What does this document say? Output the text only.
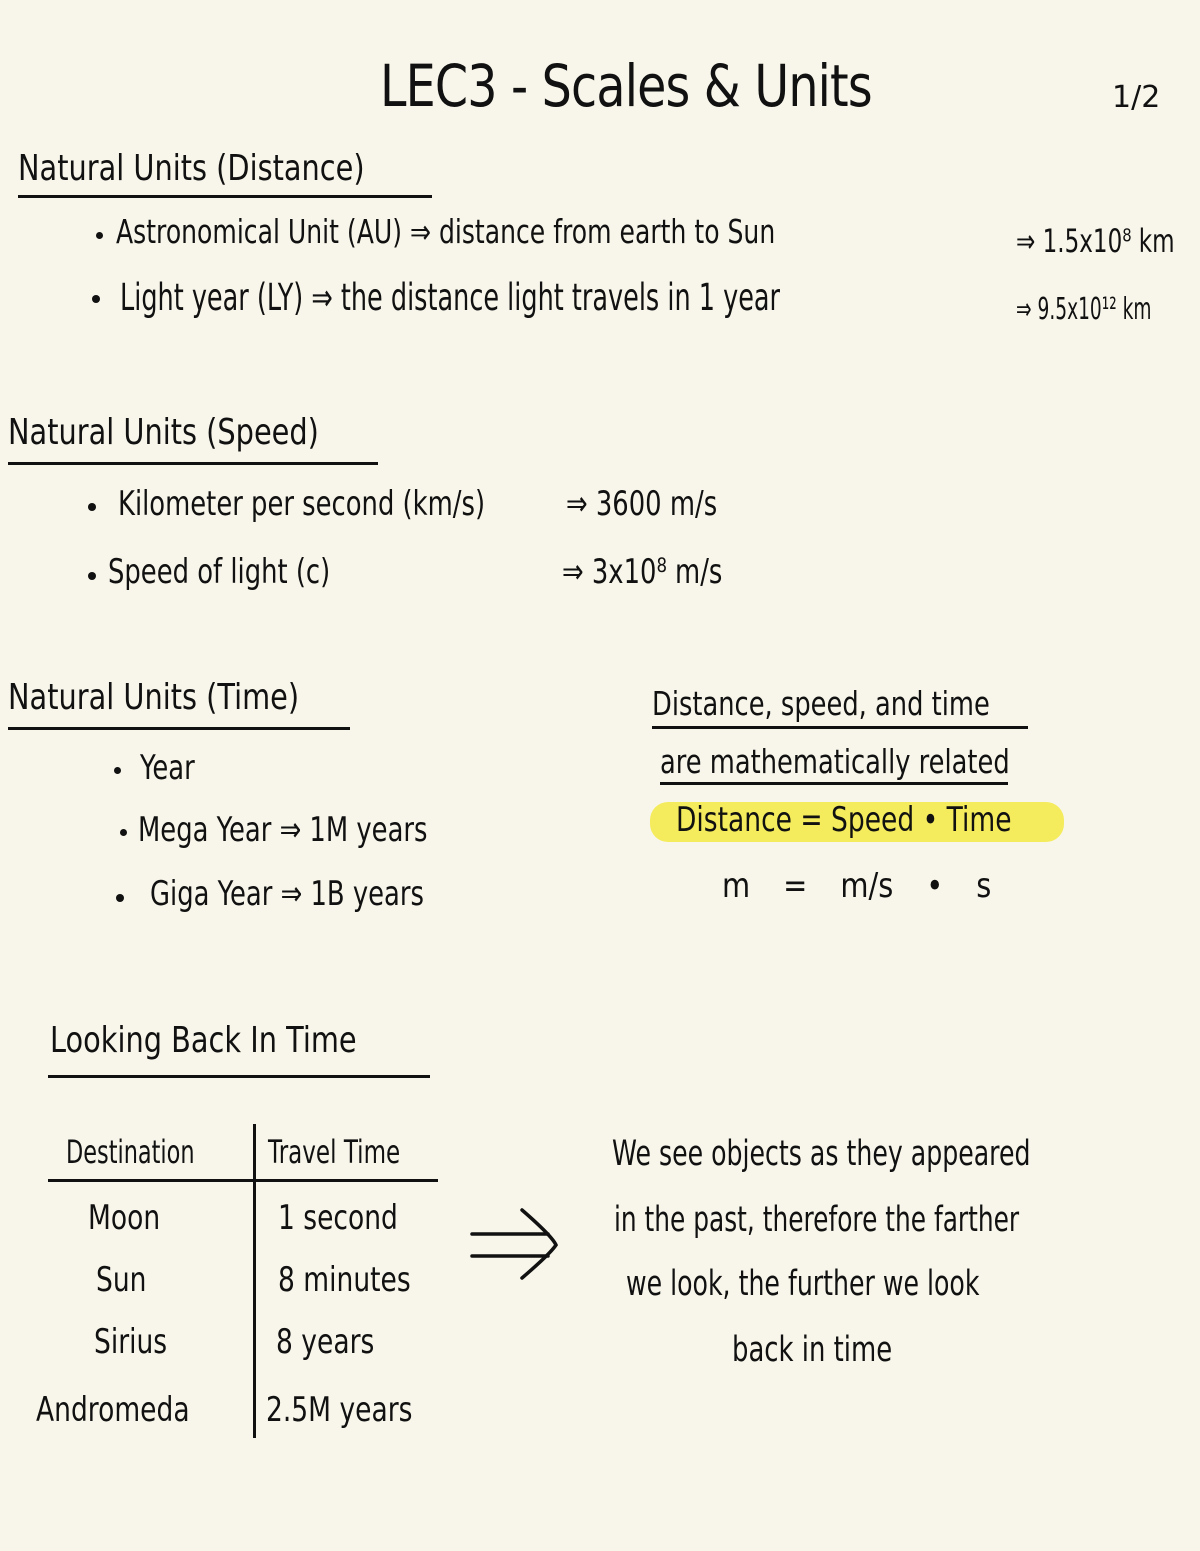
LEC3 - Scales & Units	1/2
Natural Units (Distance)
Astronomical Unit (AU) ⇒ distance from earth to Sun	⇒ 1.5x10⁸ km
Light year (LY) ⇒ the distance light travels in 1 year	⇒ 9.5x10¹² km
Natural Units (Speed)
Kilometer per second (km/s) ⇒ 3600 m/s
Speed of light (c)	⇒ 3x10⁸ m/s
Natural Units (Time)
Year
Mega Year ⇒ 1M years
Giga Year ⇒ 1B years
Distance, speed, and time
are mathematically related
Distance = Speed • Time
m = m/s • s
Looking Back In Time
Destination Travel Time
Moon	1 second
Sun	8 minutes
Sirius	8 years
Andromeda 2.5M years
We see objects as they appeared
in the past, therefore the farther
we look, the further we look
back in time
